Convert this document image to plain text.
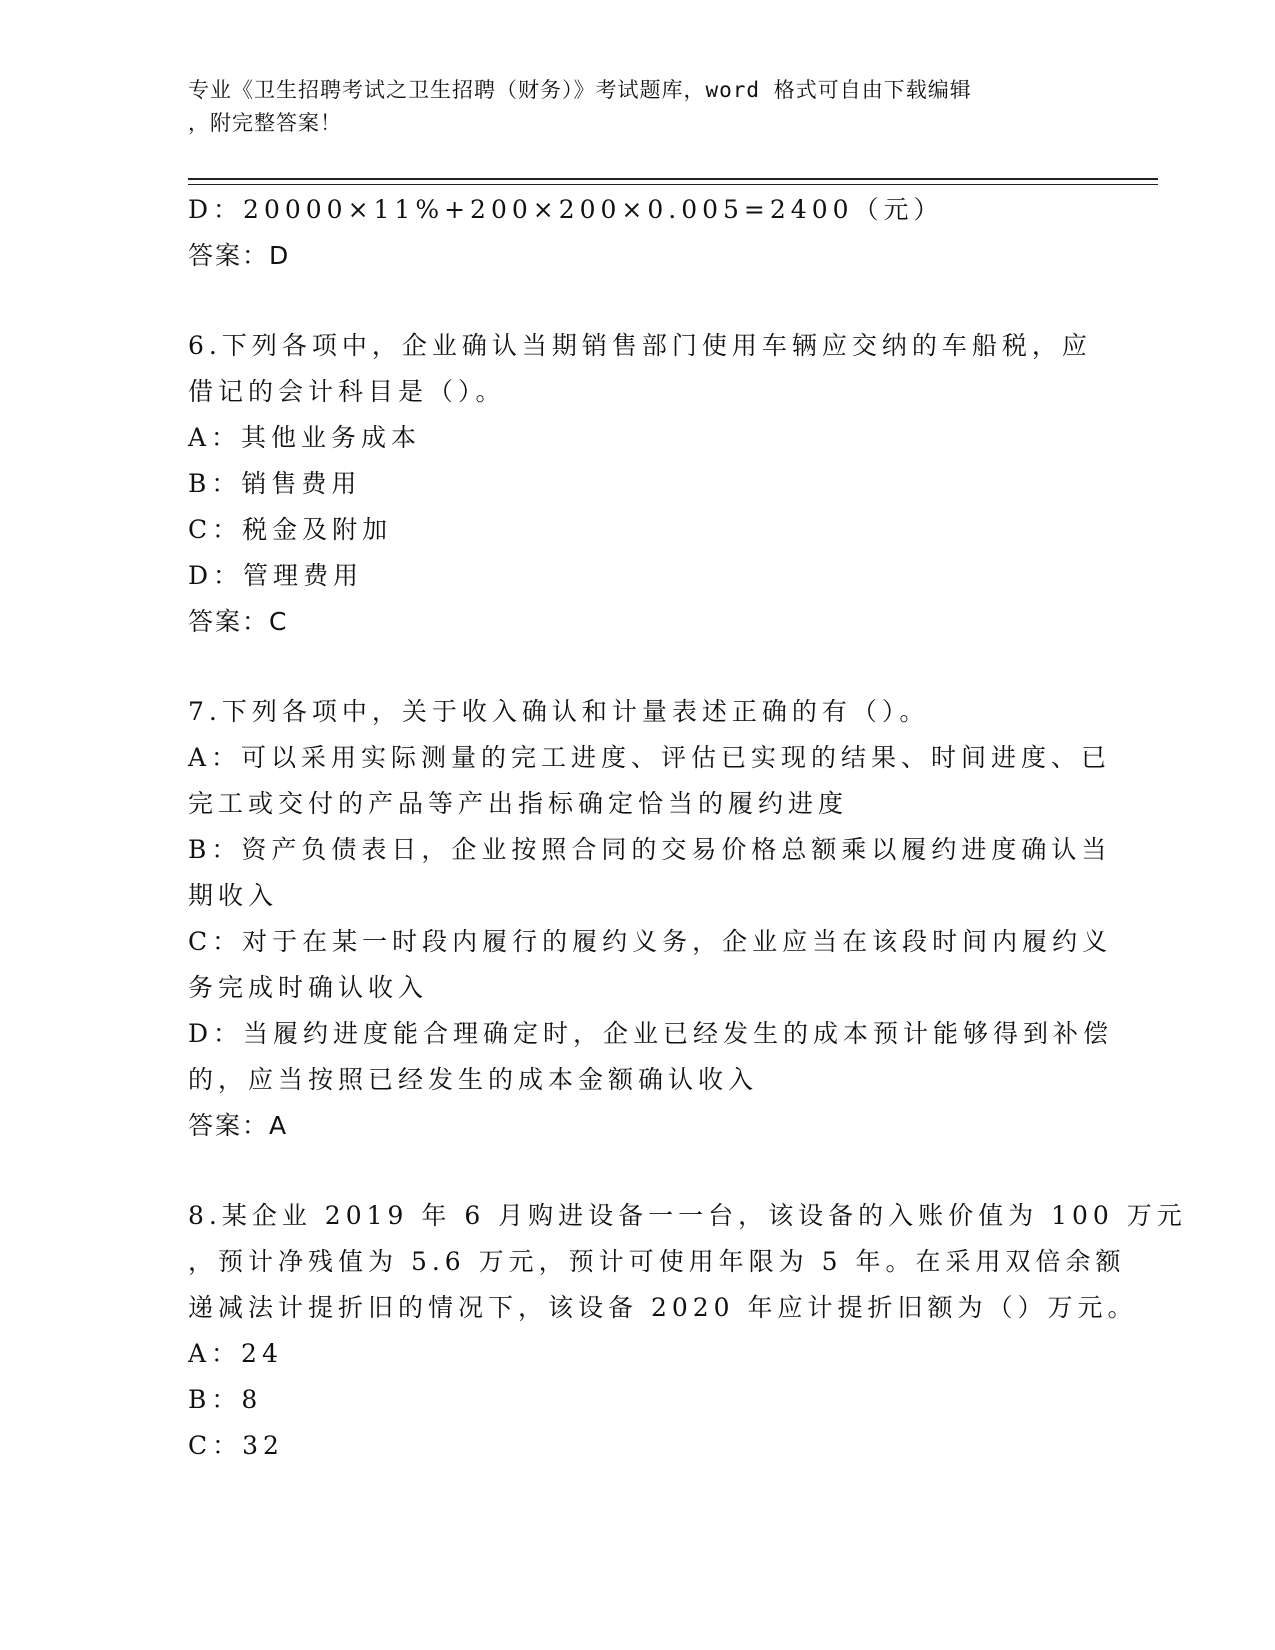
专业《卫生招聘考试之卫生招聘（财务）》考试题库，word 格式可自由下载编辑
，附完整答案！
D：20000×11%+200×200×0.005=2400（元）
答案：D
6.下列各项中，企业确认当期销售部门使用车辆应交纳的车船税，应
借记的会计科目是（）。
A：其他业务成本
B：销售费用
C：税金及附加
D：管理费用
答案：C
7.下列各项中，关于收入确认和计量表述正确的有（）。
A：可以采用实际测量的完工进度、评估已实现的结果、时间进度、已
完工或交付的产品等产出指标确定恰当的履约进度
B：资产负债表日，企业按照合同的交易价格总额乘以履约进度确认当
期收入
C：对于在某一时段内履行的履约义务，企业应当在该段时间内履约义
务完成时确认收入
D：当履约进度能合理确定时，企业已经发生的成本预计能够得到补偿
的，应当按照已经发生的成本金额确认收入
答案：A
8.某企业 2019 年 6 月购进设备一一台，该设备的入账价值为 100 万元
，预计净残值为 5.6 万元，预计可使用年限为 5 年。在采用双倍余额
递减法计提折旧的情况下，该设备 2020 年应计提折旧额为（）万元。
A：24
B：8
C：32
